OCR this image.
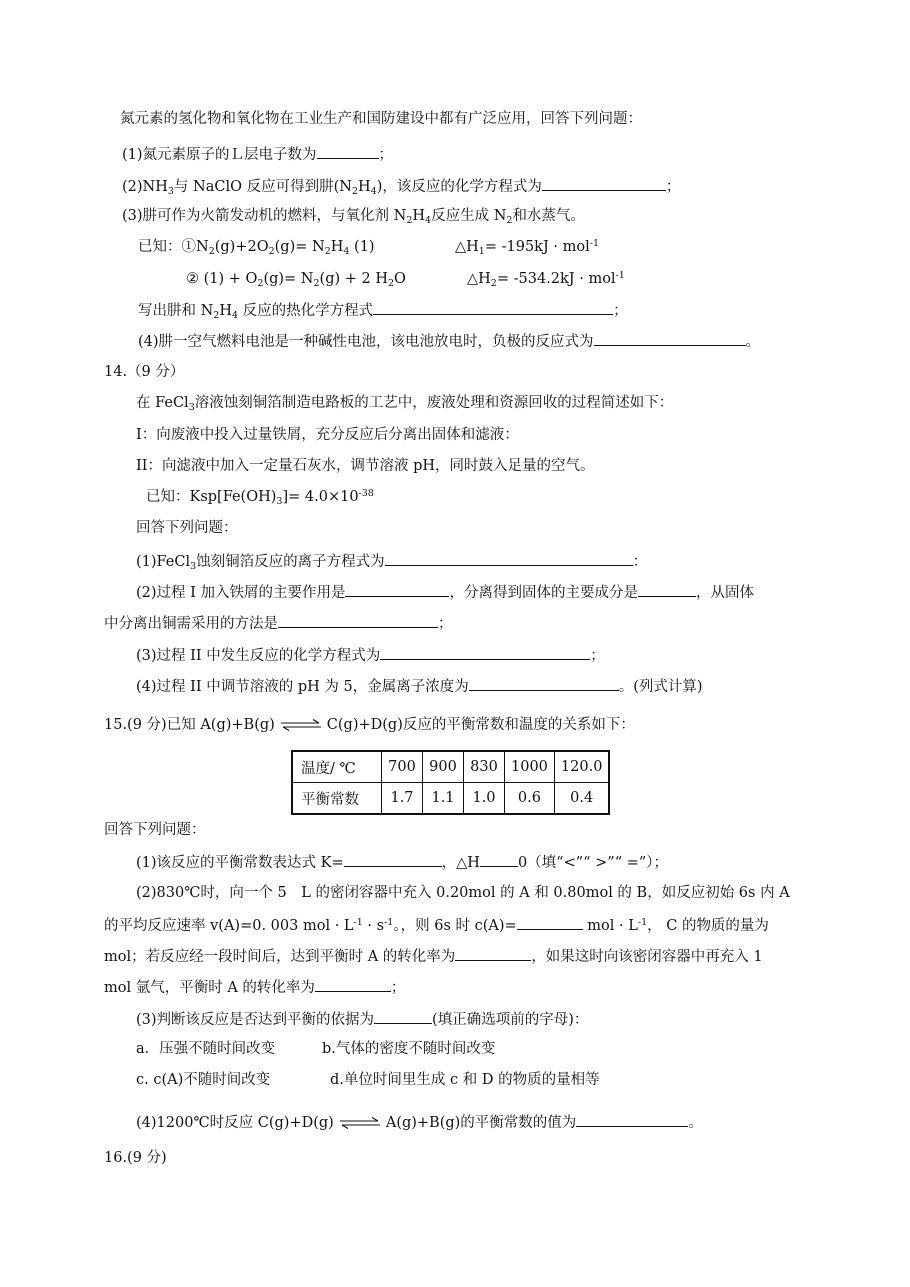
氮元素的氢化物和氧化物在工业生产和国防建设中都有广泛应用，回答下列问题：
(1)氮元素原子的Ｌ层电子数为	；
$(2)NH_3$与 NaClO 反应可得到肼$(N_2H_4)$，该反应的化学方程式为	；
(3)肼可作为火箭发动机的燃料，与氧化剂 $N_2H_4$反应生成 $N_2$和水蒸气。
已知：$①N_2(g)+2O_2(g)= N_2H_4$ (1)	$\triangle H_1= -195kJ \cdot mol^{-1}$
② $(1) + O_2(g)= N_2(g) + 2$ $H_2O$	$\triangle H_2= -534.2kJ \cdot mol^{-1}$
写出肼和 $N_2H_4$ 反应的热化学方程式	；
(4)肼一空气燃料电池是一种碱性电池，该电池放电时，负极的反应式为	。
14.（9 分）
在 FeCl$_3$溶液蚀刻铜箔制造电路板的工艺中，废液处理和资源回收的过程简述如下：
I：向废液中投入过量铁屑，充分反应后分离出固体和滤液：
II：向滤液中加入一定量石灰水，调节溶液 pH，同时鼓入足量的空气。
已知：$Ksp[Fe(OH)_3]= 4.0\times 10^{-38}$
回答下列问题：
(1)FeCl$_3$蚀刻铜箔反应的离子方程式为	：
(2)过程 I 加入铁屑的主要作用是	，分离得到固体的主要成分是	，从固体
中分离出铜需采用的方法是	；
(3)过程 II 中发生反应的化学方程式为	；
(4)过程 II 中调节溶液的 pH 为 5，金属离子浓度为	。(列式计算)
15.(9 分)已知 A(g)+B(g) ⇌ C(g)+D(g)反应的平衡常数和温度的关系如下：
温度/ ℃	700	900	830	1000	120.0
平衡常数	1.7	1.1	1.0	0.6	0.4
回答下列问题：
(1)该反应的平衡常数表达式 K=	，△H	0（填“<”“ >”“ =”）；
(2)830℃时，向一个 5　L 的密闭容器中充入 0.20mol 的 A 和 0.80mol 的 B，如反应初始 6s 内 A
的平均反应速率 v(A)=0. 003 mol · $L^{-1} \cdot s^{-1}$。，则 6s 时 c(A)=	mol · $L^{-1}$， C 的物质的量为
mol；若反应经一段时间后，达到平衡时 A 的转化率为	，如果这时向该密闭容器中再充入 1
mol 氩气，平衡时 A 的转化率为	；
(3)判断该反应是否达到平衡的依据为	(填正确选项前的字母)：
a．压强不随时间改变	b.气体的密度不随时间改变
c. c(A)不随时间改变	d.单位时间里生成 c 和 D 的物质的量相等
(4)1200℃时反应 C(g)+D(g) ⇌ A(g)+B(g)的平衡常数的值为	。
16.(9 分)
